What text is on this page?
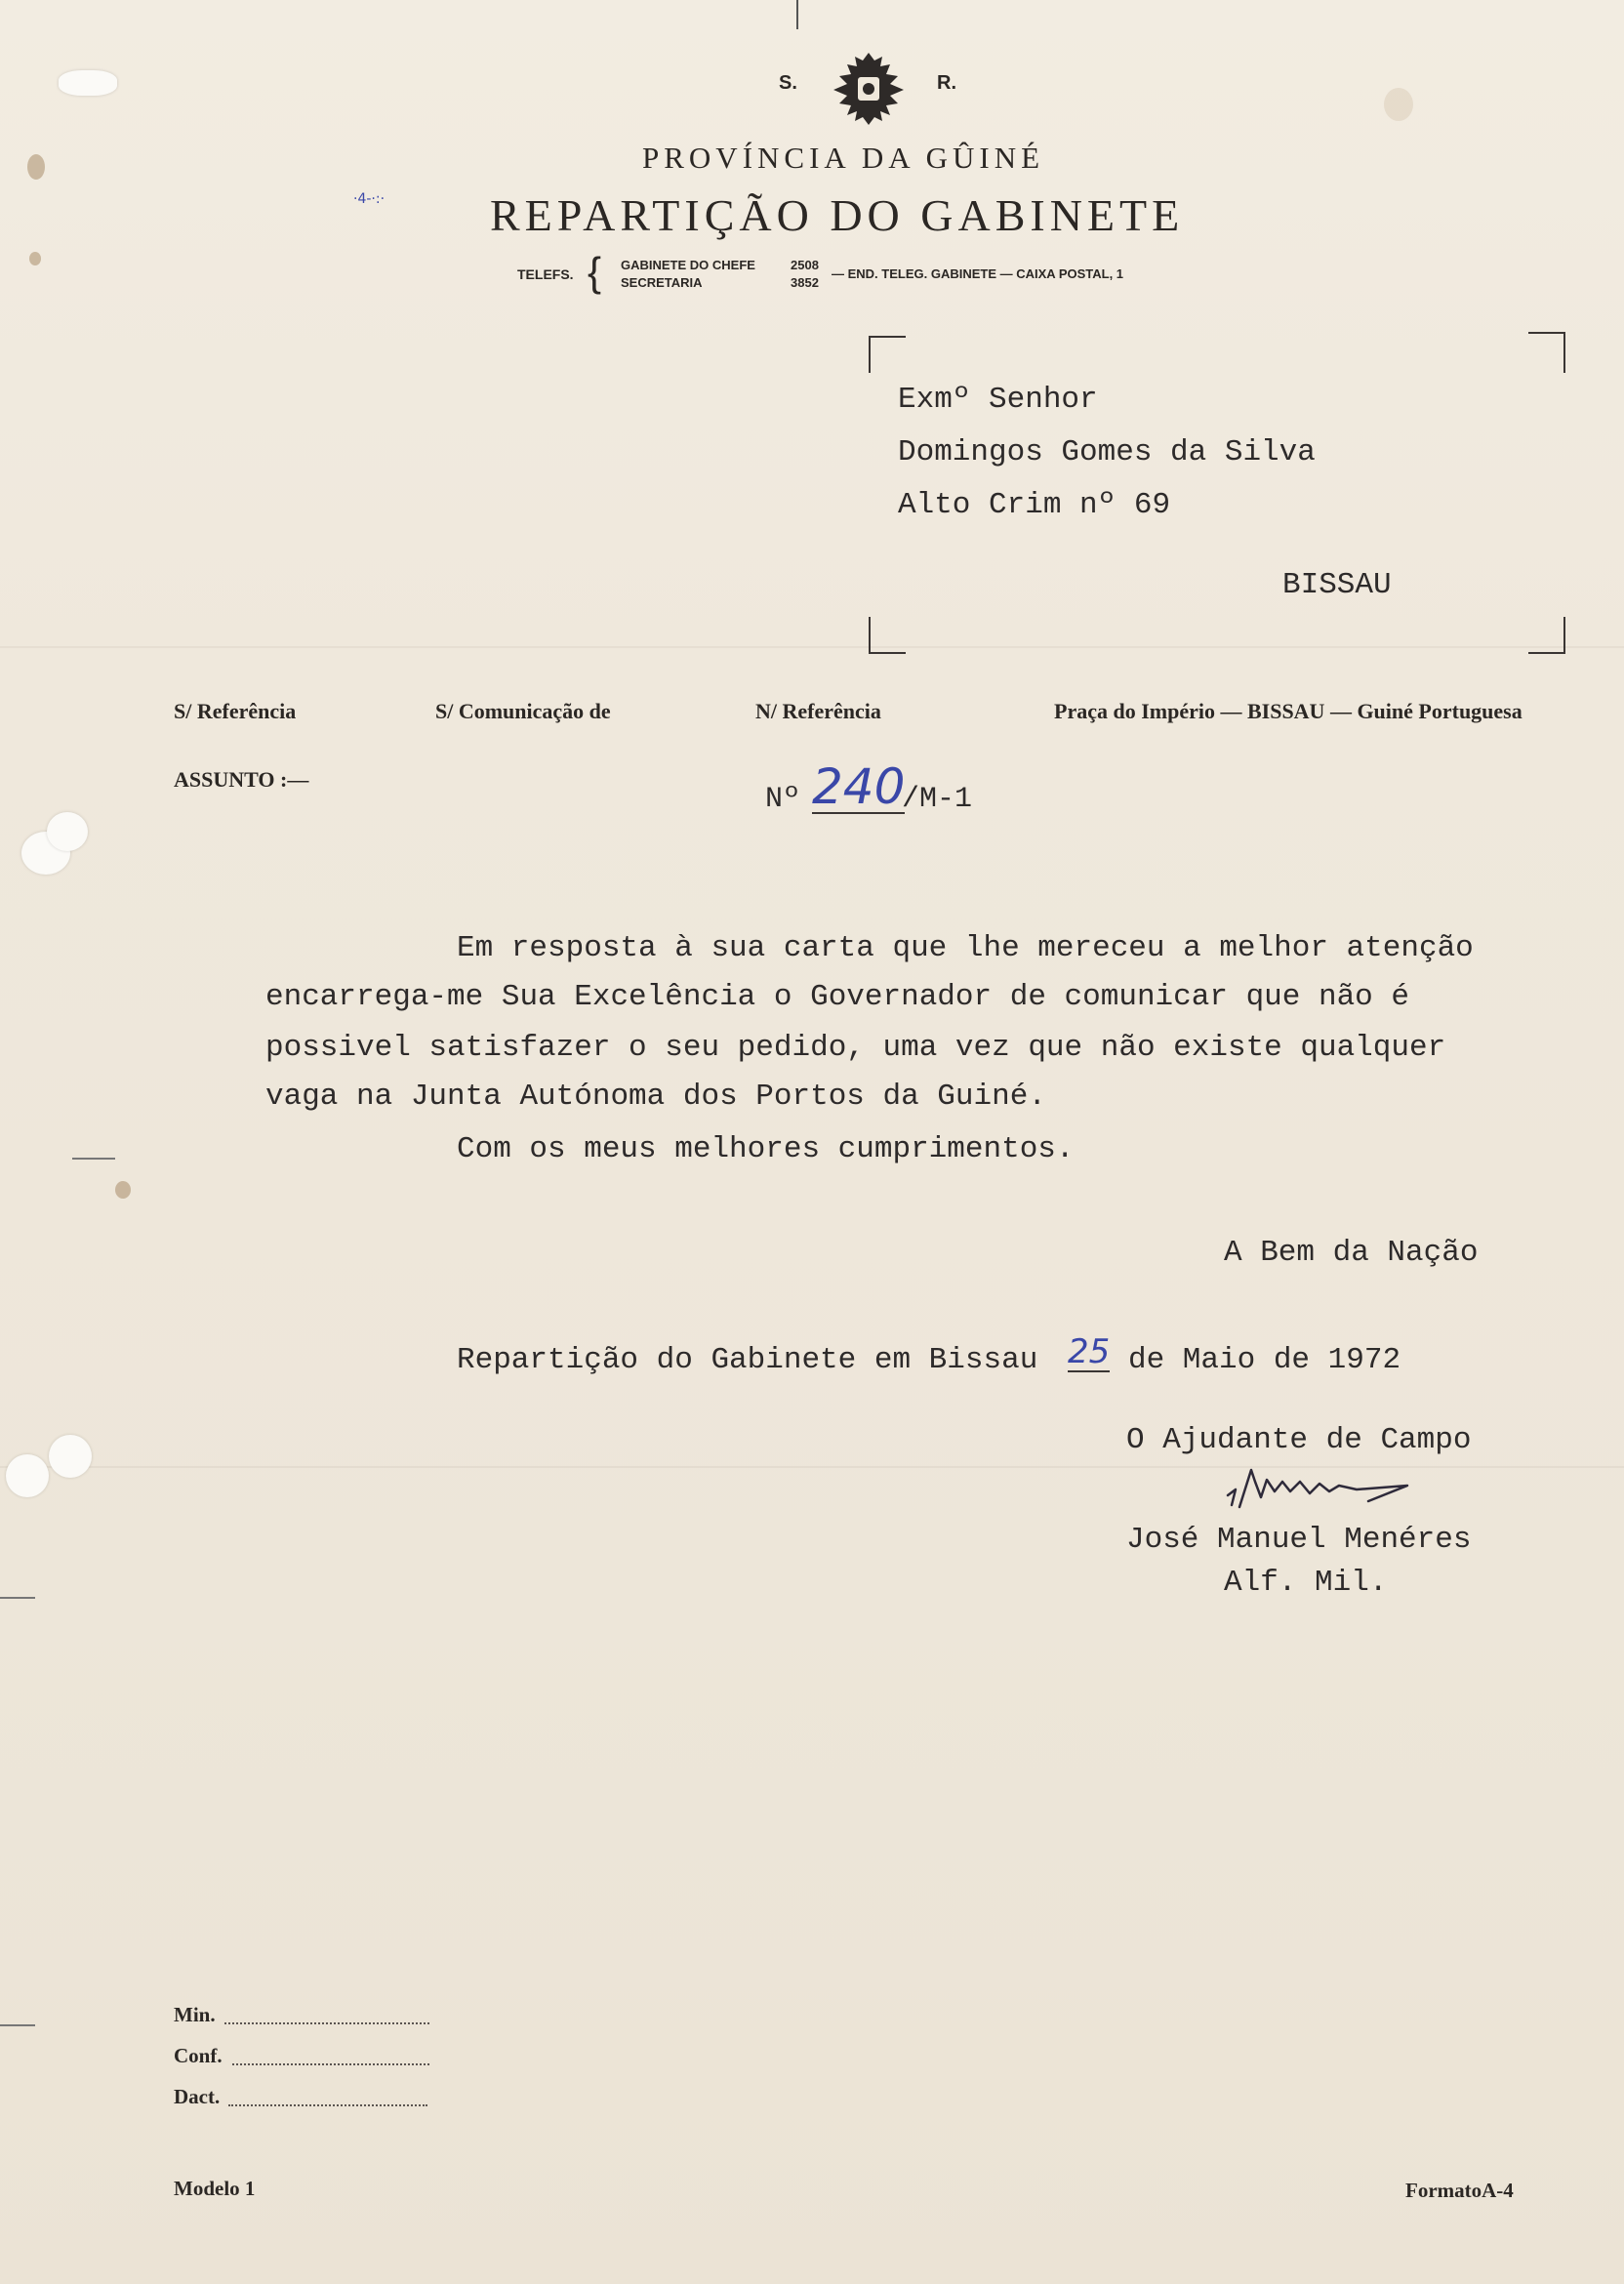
S.	R.
PROVÍNCIA DA GÛINÉ
·4-·:· REPARTIÇÃO DO GABINETE
TELEFS. { GABINETE DO CHEFE	2508
SECRETARIA	3852
— END. TELEG. GABINETE — CAIXA POSTAL, 1
Exmº Senhor
Domingos Gomes da Silva
Alto Crim nº 69
BISSAU
S/ Referência	S/ Comunicação de	N/ Referência	Praça do Império — BISSAU — Guiné Portuguesa
ASSUNTO :—
Nº 240
/M-1
Em resposta à sua carta que lhe mereceu a melhor atenção
encarrega-me Sua Excelência o Governador de comunicar que não é
possivel satisfazer o seu pedido, uma vez que não existe qualquer
vaga na Junta Autónoma dos Portos da Guiné.
Com os meus melhores cumprimentos.
A Bem da Nação
Repartição do Gabinete em Bissau 25 de Maio de 1972
O Ajudante de Campo
José Manuel Menéres
Alf. Mil.
Min.
Conf.
Dact.
Modelo 1	FormatoA-4
